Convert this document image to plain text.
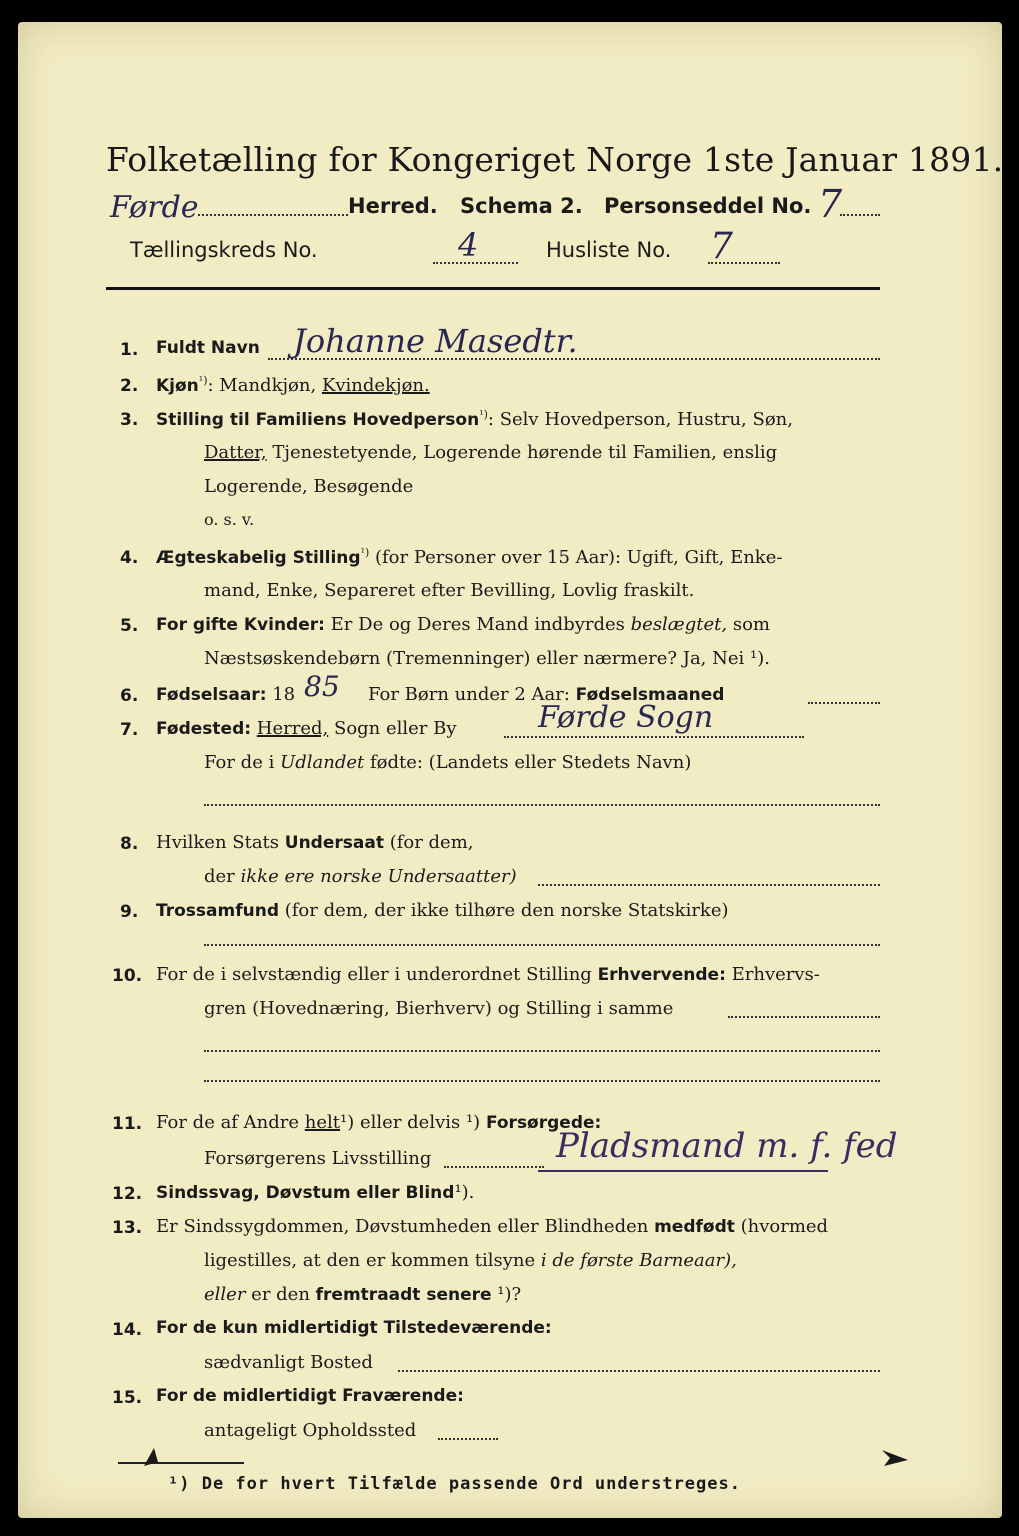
Folketælling for Kongeriget Norge 1ste Januar 1891.
Førde	Herred. Schema 2. Personseddel No. 7
Tællingskreds No.	4	Husliste No. 7
1. Fuldt Navn Johanne Masedtr.
2. Kjøn$^{^1)}$: Mandkjøn, Kvindekjøn.
3. Stilling til Familiens Hovedperson$^{^1)}$: Selv Hovedperson, Hustru, Søn,
Datter, Tjenestetyende, Logerende hørende til Familien, enslig
Logerende, Besøgende
o. s. v.
4. Ægteskabelig Stilling$^{^1)}$ (for Personer over 15 Aar): Ugift, Gift, Enke-
mand, Enke, Separeret efter Bevilling, Lovlig fraskilt.
5. For gifte Kvinder: Er De og Deres Mand indbyrdes beslægtet, som
Næstsøskendebørn (Tremenninger) eller nærmere? Ja, Nei ¹).
6. Fødselsaar: 18 85 For Børn under 2 Aar: Fødselsmaaned
7. Fødested: Herred, Sogn eller By	Førde Sogn
For de i Udlandet fødte: (Landets eller Stedets Navn)
8. Hvilken Stats Undersaat (for dem,
der ikke ere norske Undersaatter)
9. Trossamfund (for dem, der ikke tilhøre den norske Statskirke)
10. For de i selvstændig eller i underordnet Stilling Erhvervende: Erhvervs-
gren (Hovednæring, Bierhverv) og Stilling i samme
11. For de af Andre helt¹) eller delvis ¹) Forsørgede:
Forsørgerens Livsstilling	Pladsmand m. f. fed
12. Sindssvag, Døvstum eller Blind¹).
13. Er Sindssygdommen, Døvstumheden eller Blindheden medfødt (hvormed
ligestilles, at den er kommen tilsyne i de første Barneaar),
eller er den fremtraadt senere ¹)?
14. For de kun midlertidigt Tilstedeværende:
sædvanligt Bosted
15. For de midlertidigt Fraværende:
antageligt Opholdssted
¹) De for hvert Tilfælde passende Ord understreges.
